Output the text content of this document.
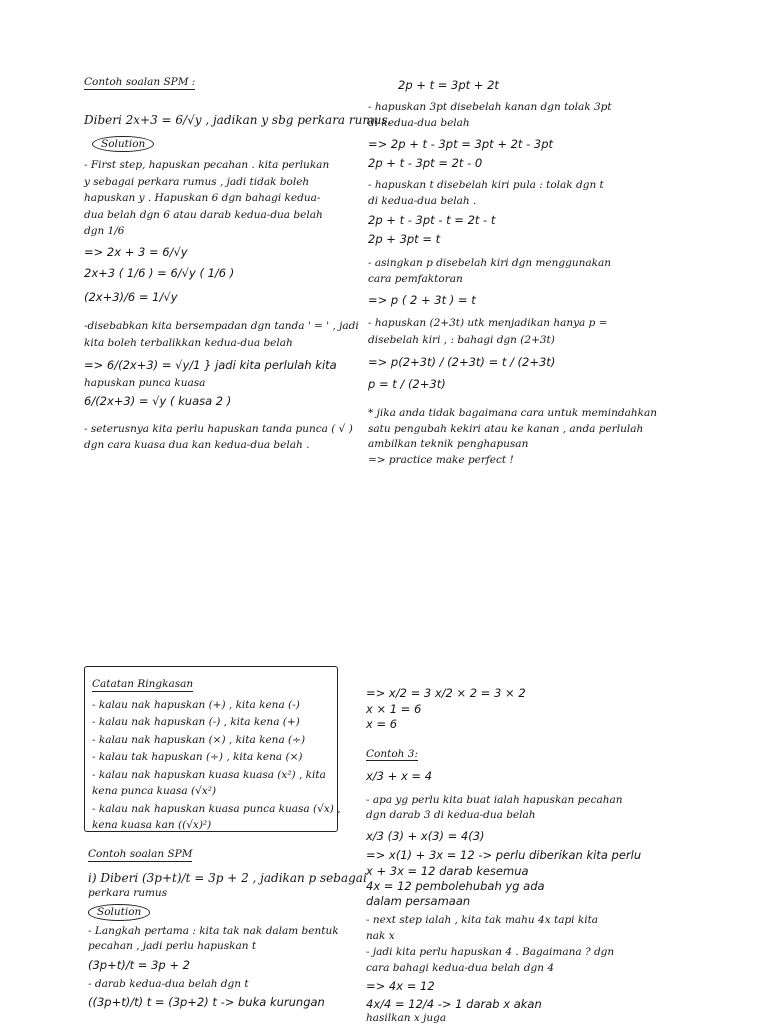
Contoh soalan SPM :
Diberi 2x+3 = 6/√y , jadikan y sbg perkara rumus.
Solution
- First step, hapuskan pecahan . kita perlukan
y sebagai perkara rumus , jadi tidak boleh
hapuskan y . Hapuskan 6 dgn bahagi kedua-
dua belah dgn 6 atau darab kedua-dua belah
dgn 1/6
=> 2x + 3 = 6/√y
2x+3 ( 1/6 ) = 6/√y ( 1/6 )
(2x+3)/6 = 1/√y
-disebabkan kita bersempadan dgn tanda ' = ' , jadi
kita boleh terbalikkan kedua-dua belah
=> 6/(2x+3) = √y/1 } jadi kita perlulah kita
hapuskan punca kuasa
6/(2x+3) = √y ( kuasa 2 )
- seterusnya kita perlu hapuskan tanda punca ( √ )
dgn cara kuasa dua kan kedua-dua belah .
2p + t = 3pt + 2t
- hapuskan 3pt disebelah kanan dgn tolak 3pt
di kedua-dua belah
=> 2p + t - 3pt = 3pt + 2t - 3pt
2p + t - 3pt = 2t - 0
- hapuskan t disebelah kiri pula : tolak dgn t
di kedua-dua belah .
2p + t - 3pt - t = 2t - t
2p + 3pt = t
- asingkan p disebelah kiri dgn menggunakan
cara pemfaktoran
=> p ( 2 + 3t ) = t
- hapuskan (2+3t) utk menjadikan hanya p =
disebelah kiri , : bahagi dgn (2+3t)
=> p(2+3t) / (2+3t) = t / (2+3t)
p = t / (2+3t)
* jika anda tidak bagaimana cara untuk memindahkan
satu pengubah kekiri atau ke kanan , anda perlulah
ambilkan teknik penghapusan
=> practice make perfect !
Catatan Ringkasan
- kalau nak hapuskan (+) , kita kena (-)
- kalau nak hapuskan (-) , kita kena (+)
- kalau nak hapuskan (×) , kita kena (÷)
- kalau tak hapuskan (÷) , kita kena (×)
- kalau nak hapuskan kuasa kuasa (x²) , kita
kena punca kuasa (√x²)
- kalau nak hapuskan kuasa punca kuasa (√x) ,
kena kuasa kan ((√x)²)
Contoh soalan SPM
i) Diberi (3p+t)/t = 3p + 2 , jadikan p sebagai
perkara rumus
Solution
- Langkah pertama : kita tak nak dalam bentuk
pecahan , jadi perlu hapuskan t
(3p+t)/t = 3p + 2
- darab kedua-dua belah dgn t
((3p+t)/t) t = (3p+2) t -> buka kurungan
=> x/2 = 3 x/2 × 2 = 3 × 2
x × 1 = 6
x = 6
Contoh 3:
x/3 + x = 4
- apa yg perlu kita buat ialah hapuskan pecahan
dgn darab 3 di kedua-dua belah
x/3 (3) + x(3) = 4(3)
=> x(1) + 3x = 12 -> perlu diberikan kita perlu
x + 3x = 12 darab kesemua
4x = 12 pembolehubah yg ada
dalam persamaan
- next step ialah , kita tak mahu 4x tapi kita
nak x
- jadi kita perlu hapuskan 4 . Bagaimana ? dgn
cara bahagi kedua-dua belah dgn 4
=> 4x = 12
4x/4 = 12/4 -> 1 darab x akan
hasilkan x juga
